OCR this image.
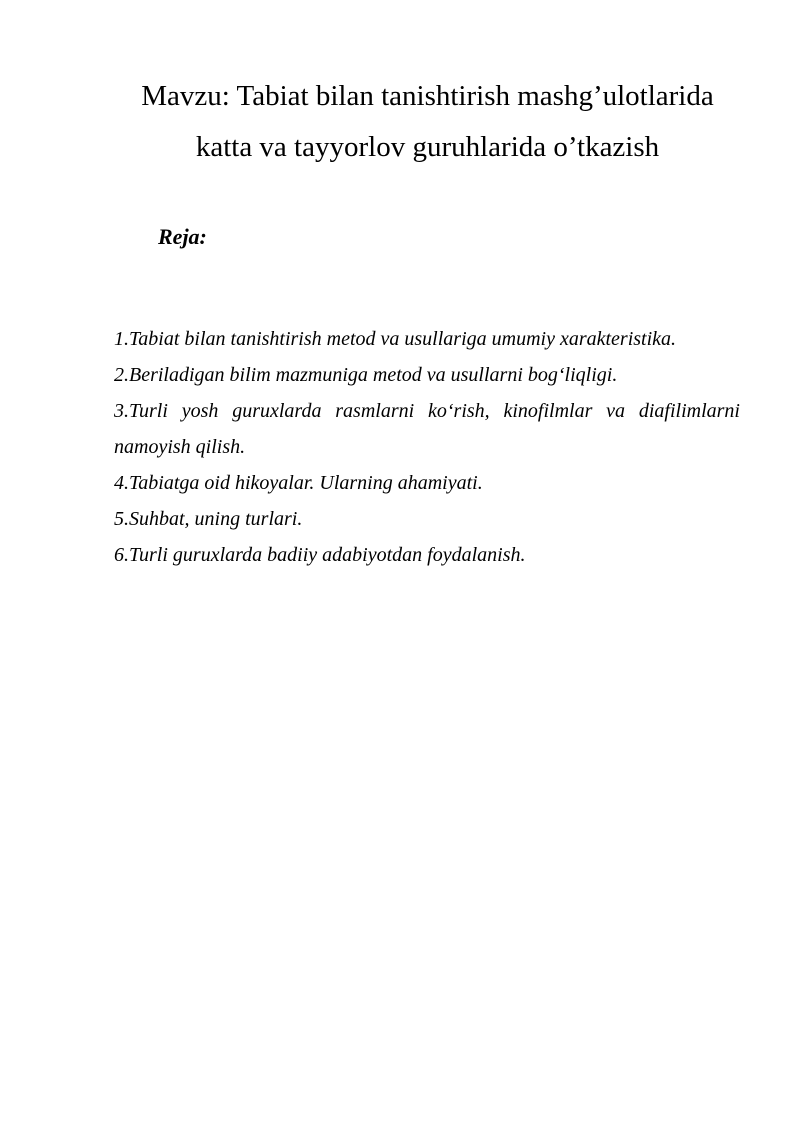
Mavzu: Tabiat bilan tanishtirish mashg’ulotlarida
katta va tayyorlov guruhlarida o’tkazish
Reja:
1.Tabiat bilan tanishtirish metod va usullariga umumiy xarakteristika.
2.Beriladigan bilim mazmuniga metod va usullarni bog‘liqligi.
3.Turli yosh guruxlarda rasmlarni ko‘rish, kinofilmlar va diafilimlarni namoyish qilish.
4.Tabiatga oid hikoyalar. Ularning ahamiyati.
5.Suhbat, uning turlari.
6.Turli guruxlarda badiiy adabiyotdan foydalanish.
